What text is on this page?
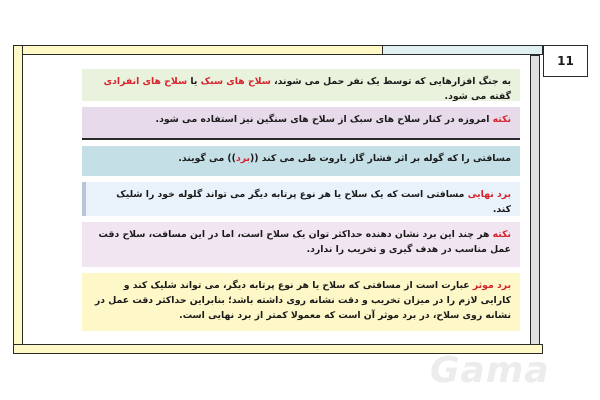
11
به جنگ افزارهایی که توسط یک نفر حمل می شوند، سلاح های سبک یا سلاح های انفرادی گفته می شود.
نکته امروزه در کنار سلاح های سبک از سلاح های سنگین نیز استفاده می شود.
مسافتی را که گوله بر اثر فشار گاز باروت طی می کند ((برد)) می گویند.
برد نهایی مسافتی است که یک سلاح یا هر نوع پرتابه دیگر می تواند گلوله خود را شلیک کند.
نکته هر چند این برد نشان دهنده حداکثر توان یک سلاح است، اما در این مسافت، سلاح دقت عمل مناسب در هدف گیری و تخریب را ندارد.
برد موثر عبارت است از مسافتی که سلاح یا هر نوع پرتابه دیگر، می تواند شلیک کند و کارایی لازم را در میزان تخریب و دقت نشانه روی داشته باشد؛ بنابراین حداکثر دقت عمل در نشانه روی سلاح، در برد موثر آن است که معمولا کمتر از برد نهایی است.
Gama
